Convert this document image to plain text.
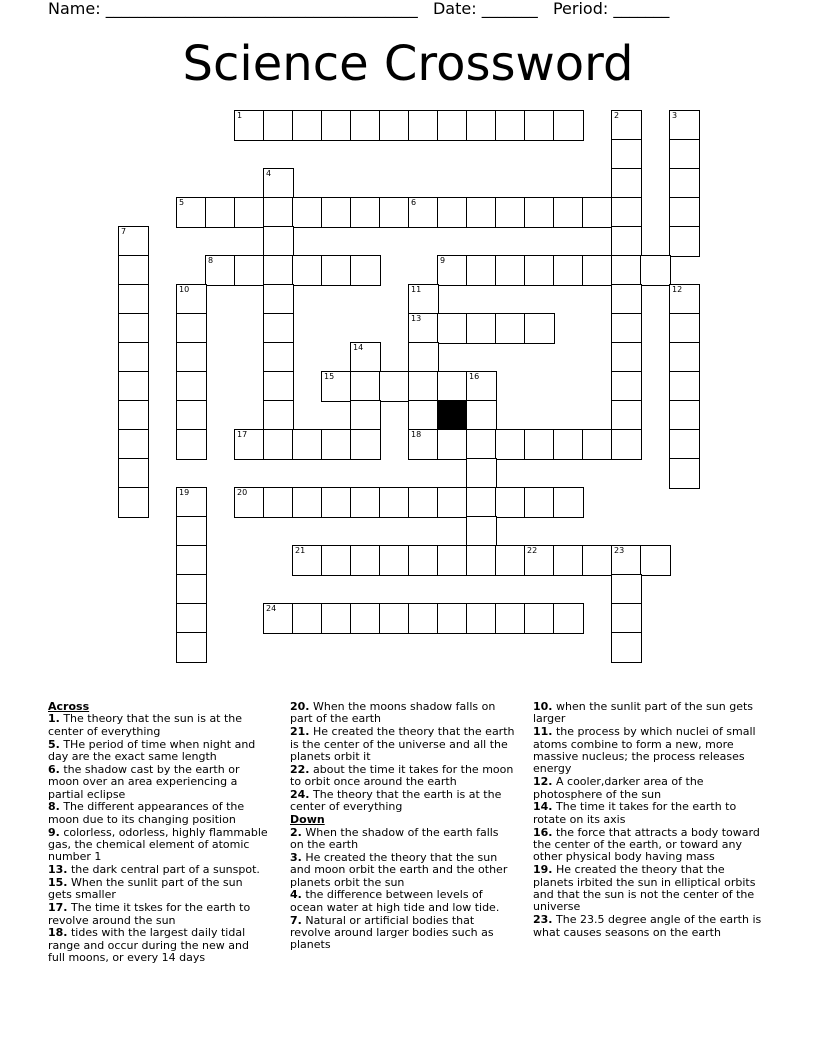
Name: _______________________________________ Date: _______ Period: _______
Science Crossword
1	2	3
4
5	6
7
8	9
10	11	12
13
14
15	16
17	18
19	20
21	22	23
24
Across
1. The theory that the sun is at the center of everything
5. THe period of time when night and day are the exact same length
6. the shadow cast by the earth or moon over an area experiencing a partial eclipse
8. The different appearances of the moon due to its changing position
9. colorless, odorless, highly flammable gas, the chemical element of atomic number 1
13. the dark central part of a sunspot.
15. When the sunlit part of the sun gets smaller
17. The time it tskes for the earth to revolve around the sun
18. tides with the largest daily tidal range and occur during the new and full moons, or every 14 days
20. When the moons shadow falls on part of the earth
21. He created the theory that the earth is the center of the universe and all the planets orbit it
22. about the time it takes for the moon to orbit once around the earth
24. The theory that the earth is at the center of everything
Down
2. When the shadow of the earth falls on the earth
3. He created the theory that the sun and moon orbit the earth and the other planets orbit the sun
4. the difference between levels of ocean water at high tide and low tide.
7. Natural or artificial bodies that revolve around larger bodies such as planets
10. when the sunlit part of the sun gets larger
11. the process by which nuclei of small atoms combine to form a new, more massive nucleus; the process releases energy
12. A cooler,darker area of the photosphere of the sun
14. The time it takes for the earth to rotate on its axis
16. the force that attracts a body toward the center of the earth, or toward any other physical body having mass
19. He created the theory that the planets irbited the sun in elliptical orbits and that the sun is not the center of the universe
23. The 23.5 degree angle of the earth is what causes seasons on the earth
